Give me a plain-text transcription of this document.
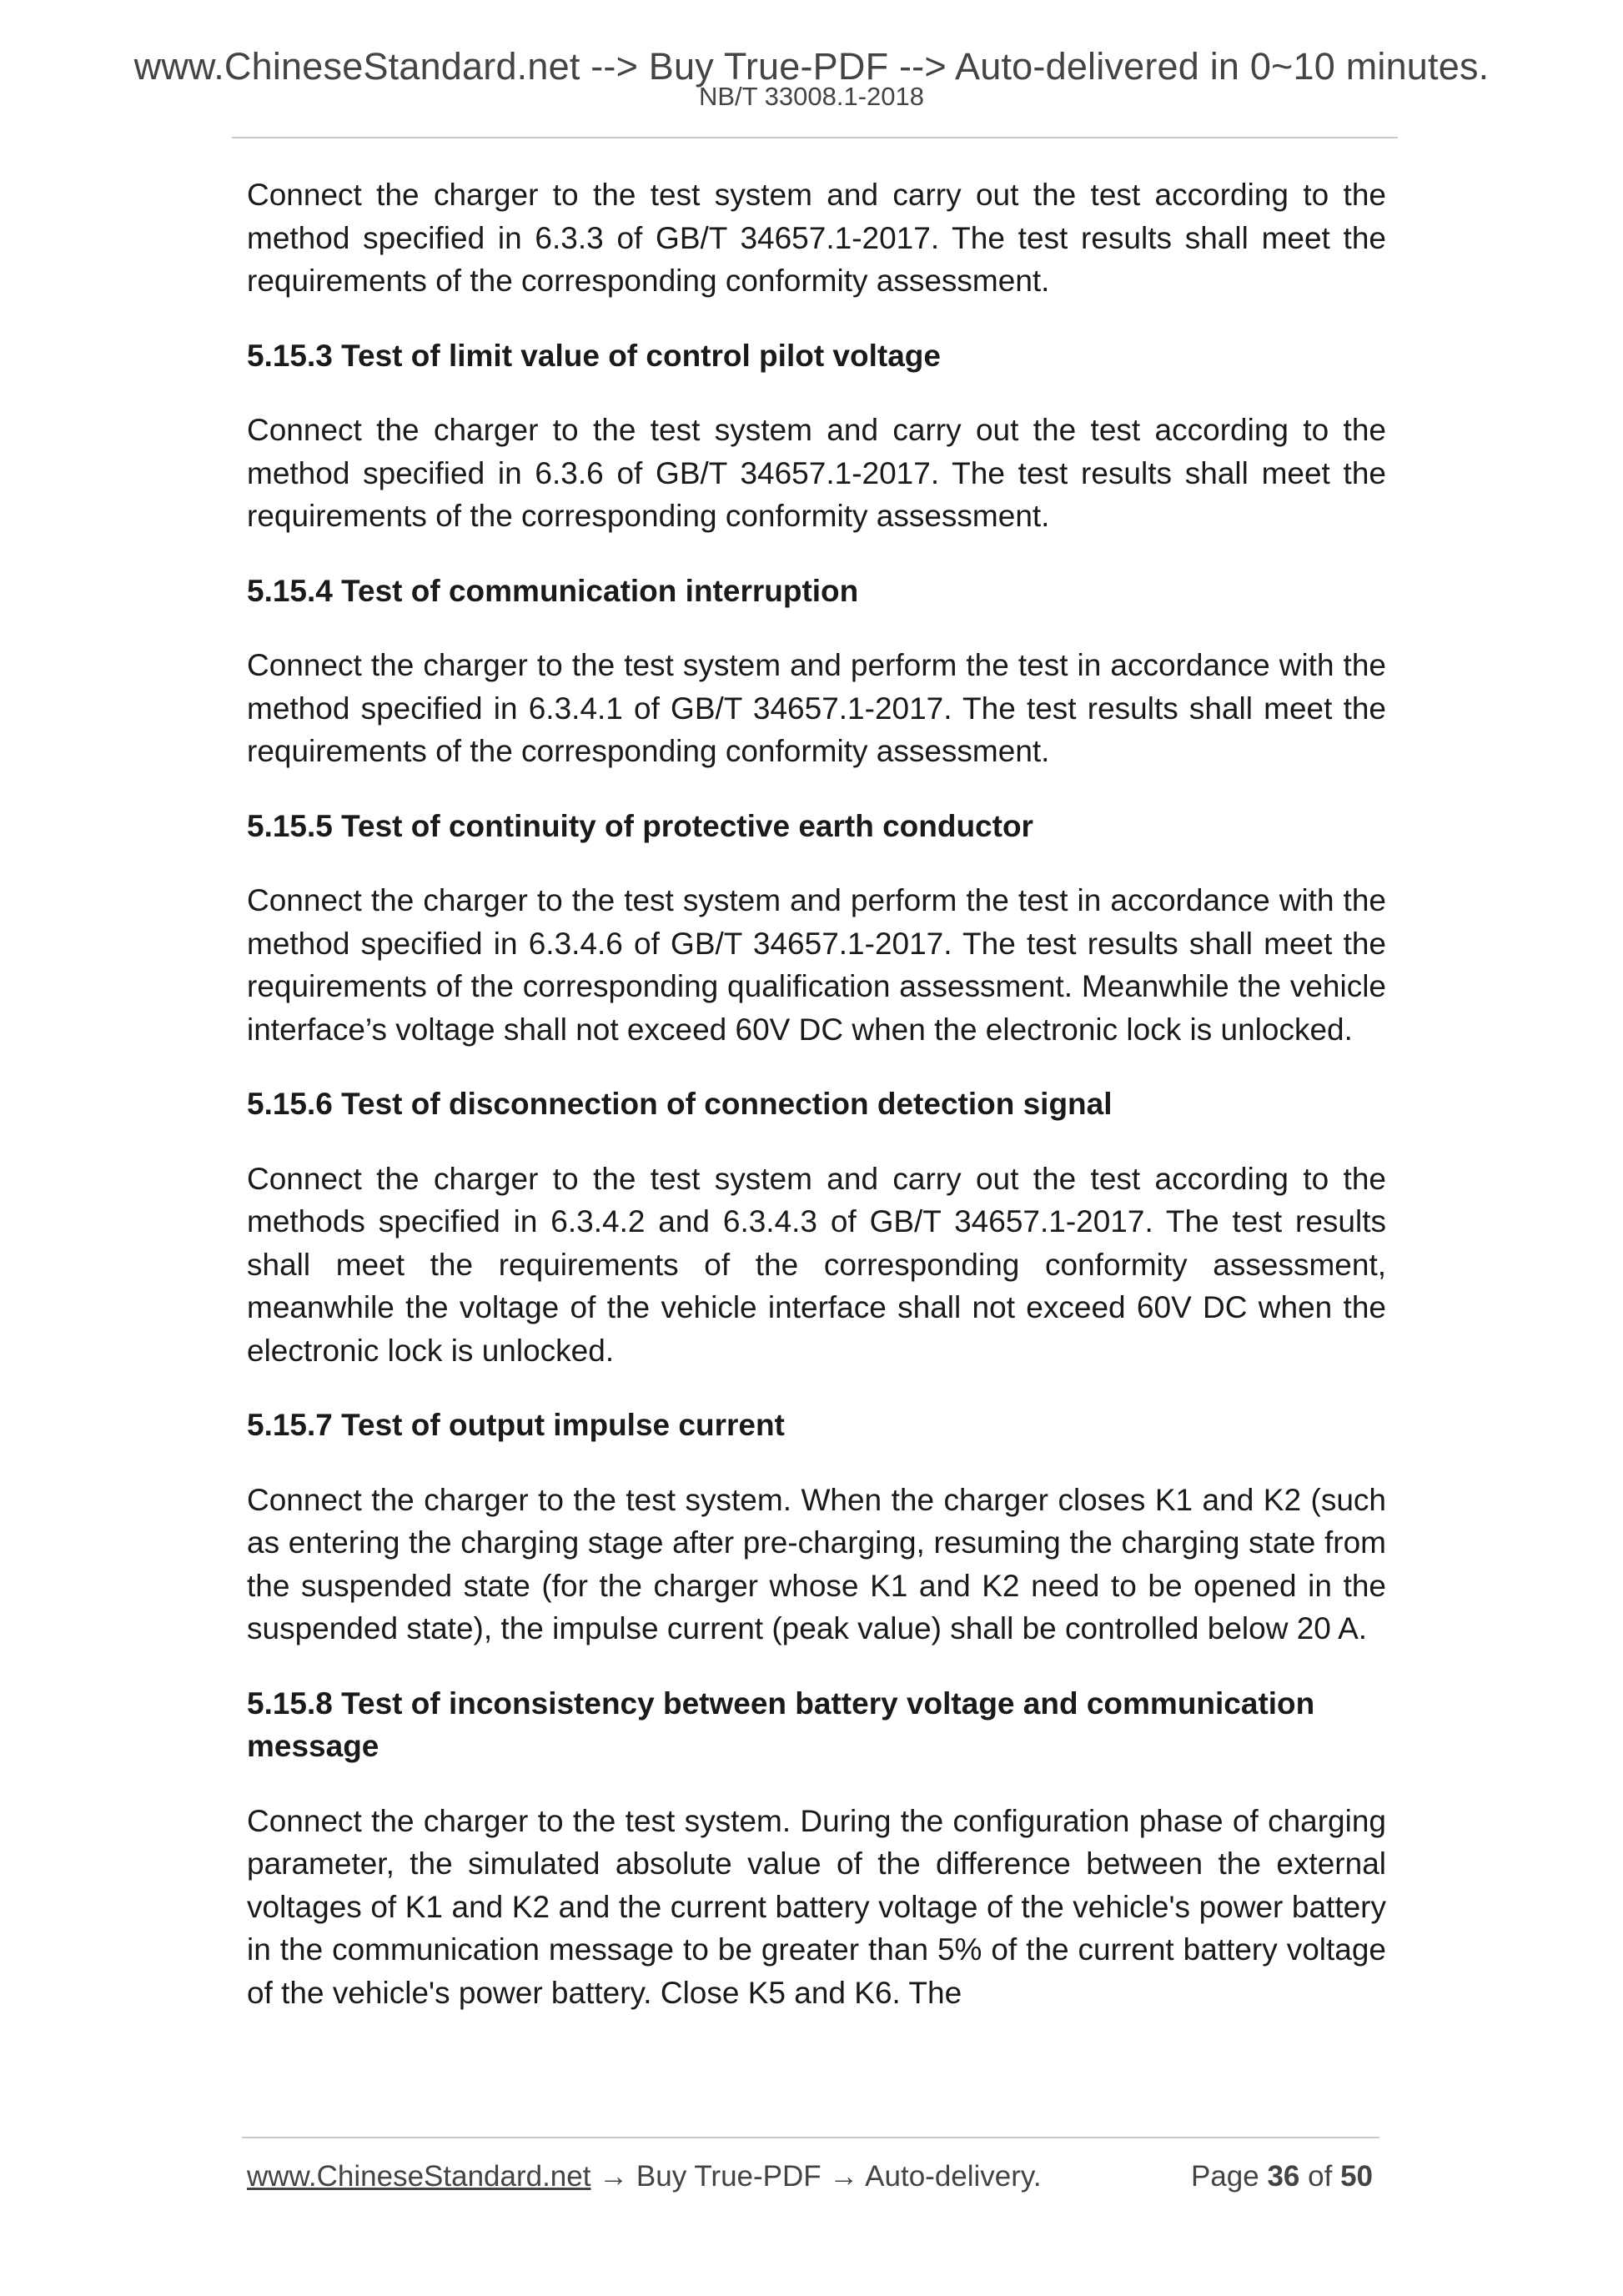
www.ChineseStandard.net --> Buy True-PDF --> Auto-delivered in 0~10 minutes.
NB/T 33008.1-2018

Connect the charger to the test system and carry out the test according to the method specified in 6.3.3 of GB/T 34657.1-2017. The test results shall meet the requirements of the corresponding conformity assessment.

5.15.3 Test of limit value of control pilot voltage

Connect the charger to the test system and carry out the test according to the method specified in 6.3.6 of GB/T 34657.1-2017. The test results shall meet the requirements of the corresponding conformity assessment.

5.15.4 Test of communication interruption

Connect the charger to the test system and perform the test in accordance with the method specified in 6.3.4.1 of GB/T 34657.1-2017. The test results shall meet the requirements of the corresponding conformity assessment.

5.15.5 Test of continuity of protective earth conductor

Connect the charger to the test system and perform the test in accordance with the method specified in 6.3.4.6 of GB/T 34657.1-2017. The test results shall meet the requirements of the corresponding qualification assessment. Meanwhile the vehicle interface’s voltage shall not exceed 60V DC when the electronic lock is unlocked.

5.15.6 Test of disconnection of connection detection signal

Connect the charger to the test system and carry out the test according to the methods specified in 6.3.4.2 and 6.3.4.3 of GB/T 34657.1-2017. The test results shall meet the requirements of the corresponding conformity assessment, meanwhile the voltage of the vehicle interface shall not exceed 60V DC when the electronic lock is unlocked.

5.15.7 Test of output impulse current

Connect the charger to the test system. When the charger closes K1 and K2 (such as entering the charging stage after pre-charging, resuming the charging state from the suspended state (for the charger whose K1 and K2 need to be opened in the suspended state), the impulse current (peak value) shall be controlled below 20 A.

5.15.8 Test of inconsistency between battery voltage and communication message

Connect the charger to the test system. During the configuration phase of charging parameter, the simulated absolute value of the difference between the external voltages of K1 and K2 and the current battery voltage of the vehicle's power battery in the communication message to be greater than 5% of the current battery voltage of the vehicle's power battery. Close K5 and K6. The

www.ChineseStandard.net → Buy True-PDF → Auto-delivery.	Page 36 of 50
